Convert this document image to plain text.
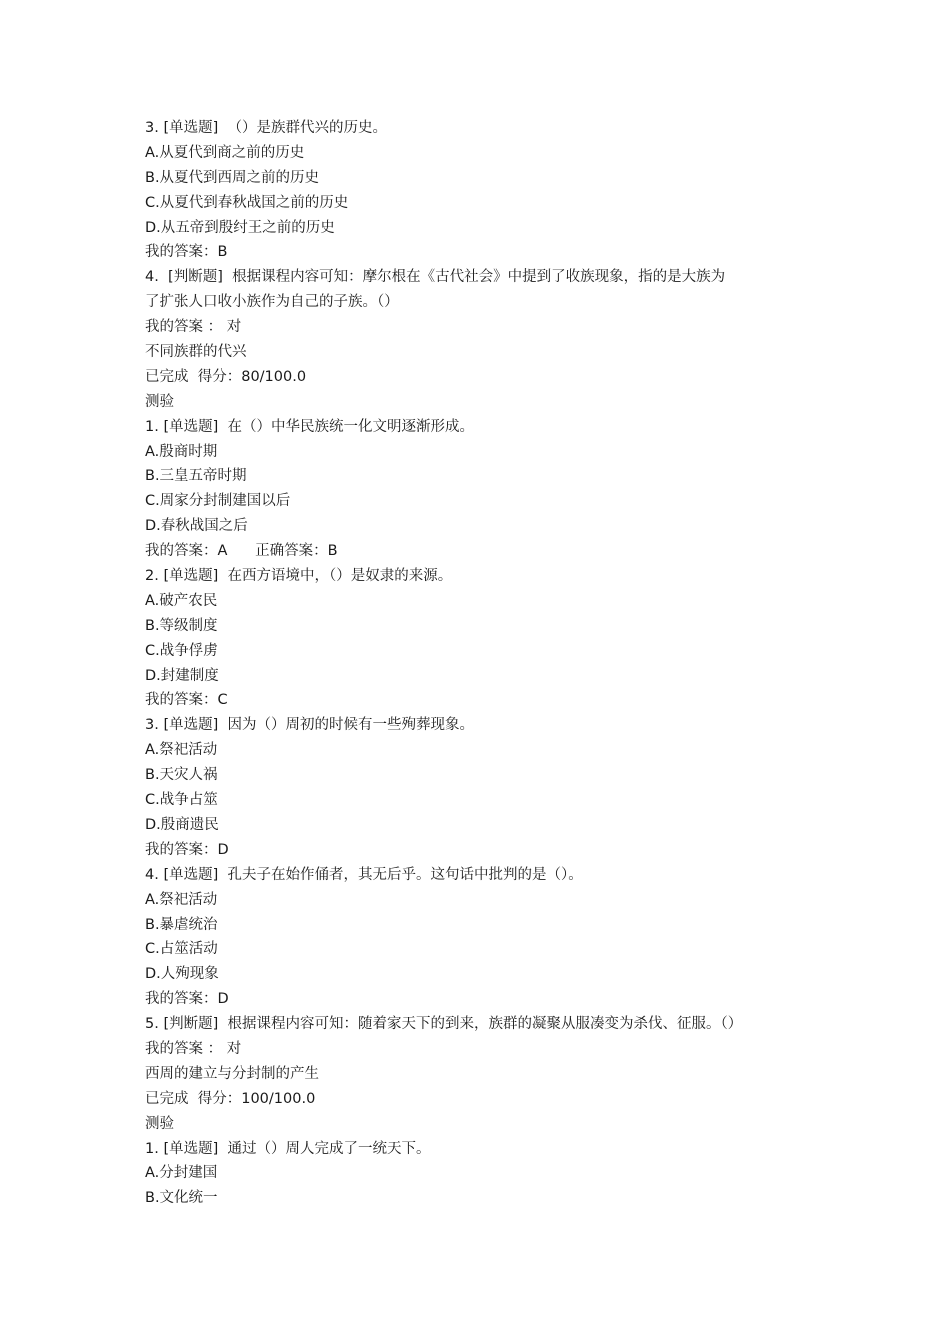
3. [单选题]  （）是族群代兴的历史。
A.从夏代到商之前的历史
B.从夏代到西周之前的历史
C.从夏代到春秋战国之前的历史
D.从五帝到殷纣王之前的历史
我的答案：B
4.  [判断题]  根据课程内容可知：摩尔根在《古代社会》中提到了收族现象，指的是大族为
了扩张人口收小族作为自己的子族。（）
我的答案 ： 对
不同族群的代兴
已完成  得分：80/100.0
测验
1. [单选题]  在（）中华民族统一化文明逐渐形成。
A.殷商时期
B.三皇五帝时期
C.周家分封制建国以后
D.春秋战国之后
我的答案：A      正确答案：B
2. [单选题]  在西方语境中，（）是奴隶的来源。
A.破产农民
B.等级制度
C.战争俘虏
D.封建制度
我的答案：C
3. [单选题]  因为（）周初的时候有一些殉葬现象。
A.祭祀活动
B.天灾人祸
C.战争占筮
D.殷商遗民
我的答案：D
4. [单选题]  孔夫子在始作俑者，其无后乎。这句话中批判的是（）。
A.祭祀活动
B.暴虐统治
C.占筮活动
D.人殉现象
我的答案：D
5. [判断题]  根据课程内容可知：随着家天下的到来，族群的凝聚从服凑变为杀伐、征服。（）
我的答案 ： 对
西周的建立与分封制的产生
已完成  得分：100/100.0
测验
1. [单选题]  通过（）周人完成了一统天下。
A.分封建国
B.文化统一
